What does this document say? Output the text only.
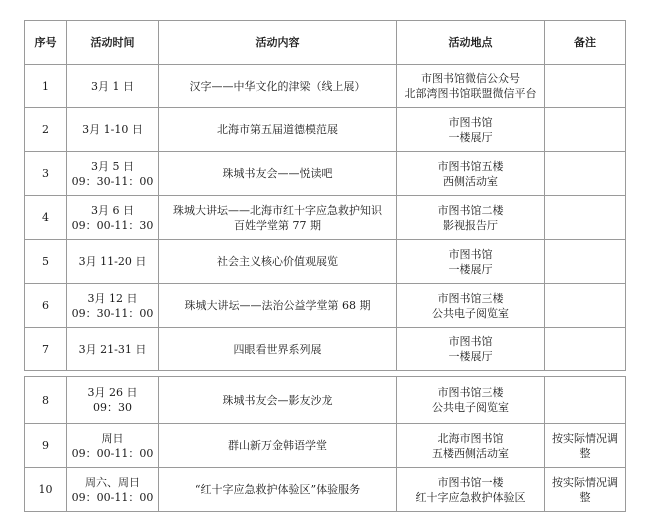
序号	活动时间	活动内容	活动地点	备注
1	3月 1 日	汉字——中华文化的津梁（线上展）	市图书馆微信公众号
北部湾图书馆联盟微信平台	
2	3月 1-10 日	北海市第五届道德模范展	市图书馆
一楼展厅	
3	3月 5 日
09：30-11：00	珠城书友会——悦读吧	市图书馆五楼
西侧活动室	
4	3月 6 日
09：00-11：30	珠城大讲坛——北海市红十字应急救护知识
百姓学堂第 77 期	市图书馆二楼
影视报告厅	
5	3月 11-20 日	社会主义核心价值观展览	市图书馆
一楼展厅	
6	3月 12 日
09：30-11：00	珠城大讲坛——法治公益学堂第 68 期	市图书馆三楼
公共电子阅览室	
7	3月 21-31 日	四眼看世界系列展	市图书馆
一楼展厅	
8	3月 26 日
09：30	珠城书友会—影友沙龙	市图书馆三楼
公共电子阅览室	
9	周日
09：00-11：00	群山新万金韩语学堂	北海市图书馆
五楼西侧活动室	按实际情况调整
10	周六、周日
09：00-11：00	“红十字应急救护体验区”体验服务	市图书馆一楼
红十字应急救护体验区	按实际情况调整
